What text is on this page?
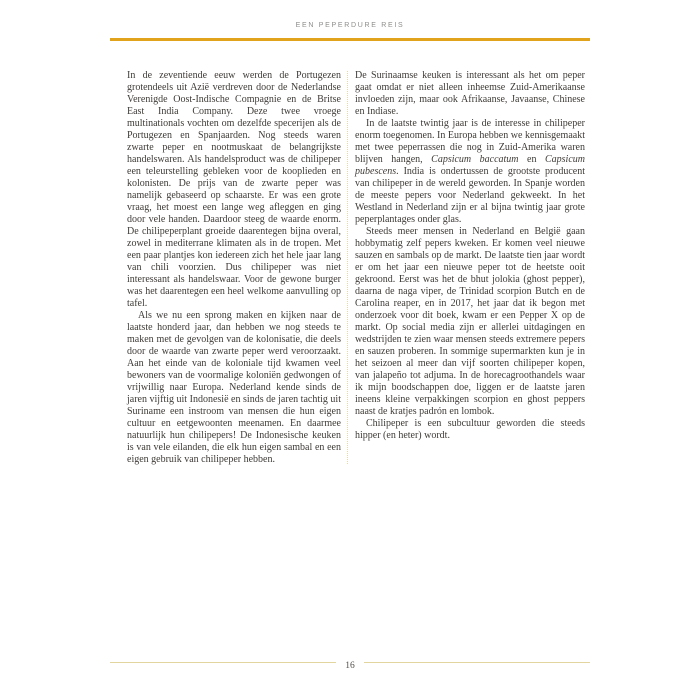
EEN PEPERDURE REIS

In de zeventiende eeuw werden de Portugezen grotendeels uit Azië verdreven door de Nederlandse Verenigde Oost-Indische Compagnie en de Britse East India Company. Deze twee vroege multinationals vochten om dezelfde specerijen als de Portugezen en Spanjaarden. Nog steeds waren zwarte peper en nootmuskaat de belangrijkste handelswaren. Als handelsproduct was de chilipeper een teleurstelling gebleken voor de kooplieden en kolonisten. De prijs van de zwarte peper was namelijk gebaseerd op schaarste. Er was een grote vraag, het moest een lange weg afleggen en ging door vele handen. Daardoor steeg de waarde enorm. De chilipeperplant groeide daarentegen bijna overal, zowel in mediterrane klimaten als in de tropen. Met een paar plantjes kon iedereen zich het hele jaar lang van chili voorzien. Dus chilipeper was niet interessant als handelswaar. Voor de gewone burger was het daarentegen een heel welkome aanvulling op tafel.

Als we nu een sprong maken en kijken naar de laatste honderd jaar, dan hebben we nog steeds te maken met de gevolgen van de kolonisatie, die deels door de waarde van zwarte peper werd veroorzaakt. Aan het einde van de koloniale tijd kwamen veel bewoners van de voormalige koloniën gedwongen of vrijwillig naar Europa. Nederland kende sinds de jaren vijftig uit Indonesië en sinds de jaren tachtig uit Suriname een instroom van mensen die hun eigen cultuur en eetgewoonten meenamen. En daarmee natuurlijk hun chilipepers! De Indonesische keuken is van vele eilanden, die elk hun eigen sambal en een eigen gebruik van chilipeper hebben.

De Surinaamse keuken is interessant als het om peper gaat omdat er niet alleen inheemse Zuid-Amerikaanse invloeden zijn, maar ook Afrikaanse, Javaanse, Chinese en Indiase.

In de laatste twintig jaar is de interesse in chilipeper enorm toegenomen. In Europa hebben we kennisgemaakt met twee peperrassen die nog in Zuid-Amerika waren blijven hangen, Capsicum baccatum en Capsicum pubescens. India is ondertussen de grootste producent van chilipeper in de wereld geworden. In Spanje worden de meeste pepers voor Nederland gekweekt. In het Westland in Nederland zijn er al bijna twintig jaar grote peperplantages onder glas.

Steeds meer mensen in Nederland en België gaan hobbymatig zelf pepers kweken. Er komen veel nieuwe sauzen en sambals op de markt. De laatste tien jaar wordt er om het jaar een nieuwe peper tot de heetste ooit gekroond. Eerst was het de bhut jolokia (ghost pepper), daarna de naga viper, de Trinidad scorpion Butch en de Carolina reaper, en in 2017, het jaar dat ik begon met onderzoek voor dit boek, kwam er een Pepper X op de markt. Op social media zijn er allerlei uitdagingen en wedstrijden te zien waar mensen steeds extremere pepers en sauzen proberen. In sommige supermarkten kun je in het seizoen al meer dan vijf soorten chilipeper kopen, van jalapeño tot adjuma. In de horecagroothandels waar ik mijn boodschappen doe, liggen er de laatste jaren ineens kleine verpakkingen scorpion en ghost peppers naast de kratjes padrón en lombok.

Chilipeper is een subcultuur geworden die steeds hipper (en heter) wordt.

16
